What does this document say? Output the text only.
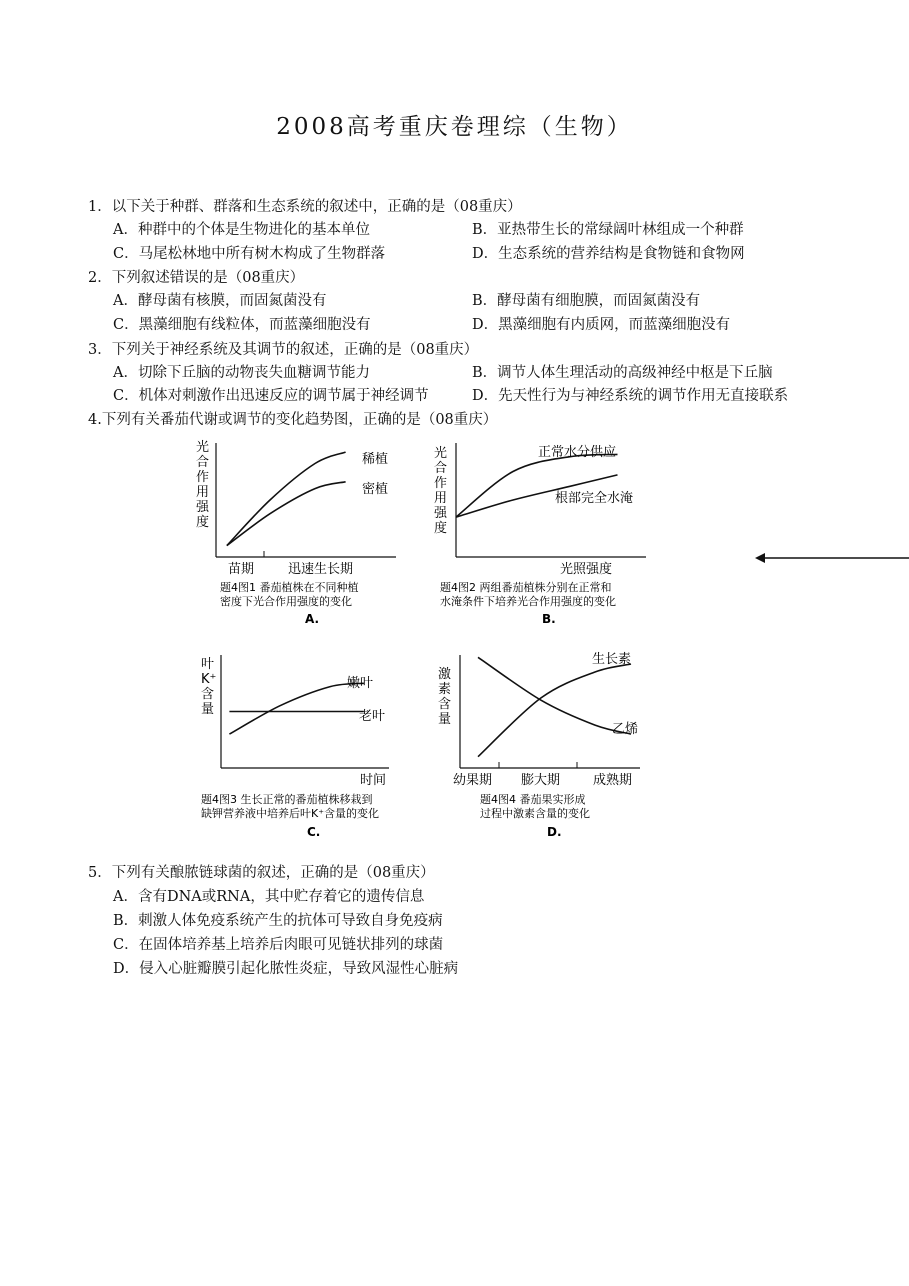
2008高考重庆卷理综（生物）
1．以下关于种群、群落和生态系统的叙述中，正确的是（08重庆）
A．种群中的个体是生物进化的基本单位	B．亚热带生长的常绿阔叶林组成一个种群
C．马尾松林地中所有树木构成了生物群落	D．生态系统的营养结构是食物链和食物网
2．下列叙述错误的是（08重庆）
A．酵母菌有核膜，而固氮菌没有	B．酵母菌有细胞膜，而固氮菌没有
C．黑藻细胞有线粒体，而蓝藻细胞没有	D．黑藻细胞有内质网，而蓝藻细胞没有
3．下列关于神经系统及其调节的叙述，正确的是（08重庆）
A．切除下丘脑的动物丧失血糖调节能力	B．调节人体生理活动的高级神经中枢是下丘脑
C．机体对刺激作出迅速反应的调节属于神经调节	D．先天性行为与神经系统的调节作用无直接联系
4.下列有关番茄代谢或调节的变化趋势图，正确的是（08重庆）
光
合
作
用
强
度
稀植
密植
苗期	迅速生长期
题4图1 番茄植株在不同种植
密度下光合作用强度的变化
A.
光
合
作
用
强
度
正常水分供应
根部完全水淹
光照强度
题4图2 两组番茄植株分别在正常和
水淹条件下培养光合作用强度的变化
B.
叶
K⁺
含
量
嫩叶
老叶
时间
题4图3 生长正常的番茄植株移栽到
缺钾营养液中培养后叶K⁺含量的变化
C.
激
素
含
量
生长素
乙烯
幼果期 膨大期	成熟期
题4图4 番茄果实形成
过程中激素含量的变化
D.
5．下列有关酿脓链球菌的叙述，正确的是（08重庆）
A．含有DNA或RNA，其中贮存着它的遗传信息
B．刺激人体免疫系统产生的抗体可导致自身免疫病
C．在固体培养基上培养后肉眼可见链状排列的球菌
D．侵入心脏瓣膜引起化脓性炎症，导致风湿性心脏病
